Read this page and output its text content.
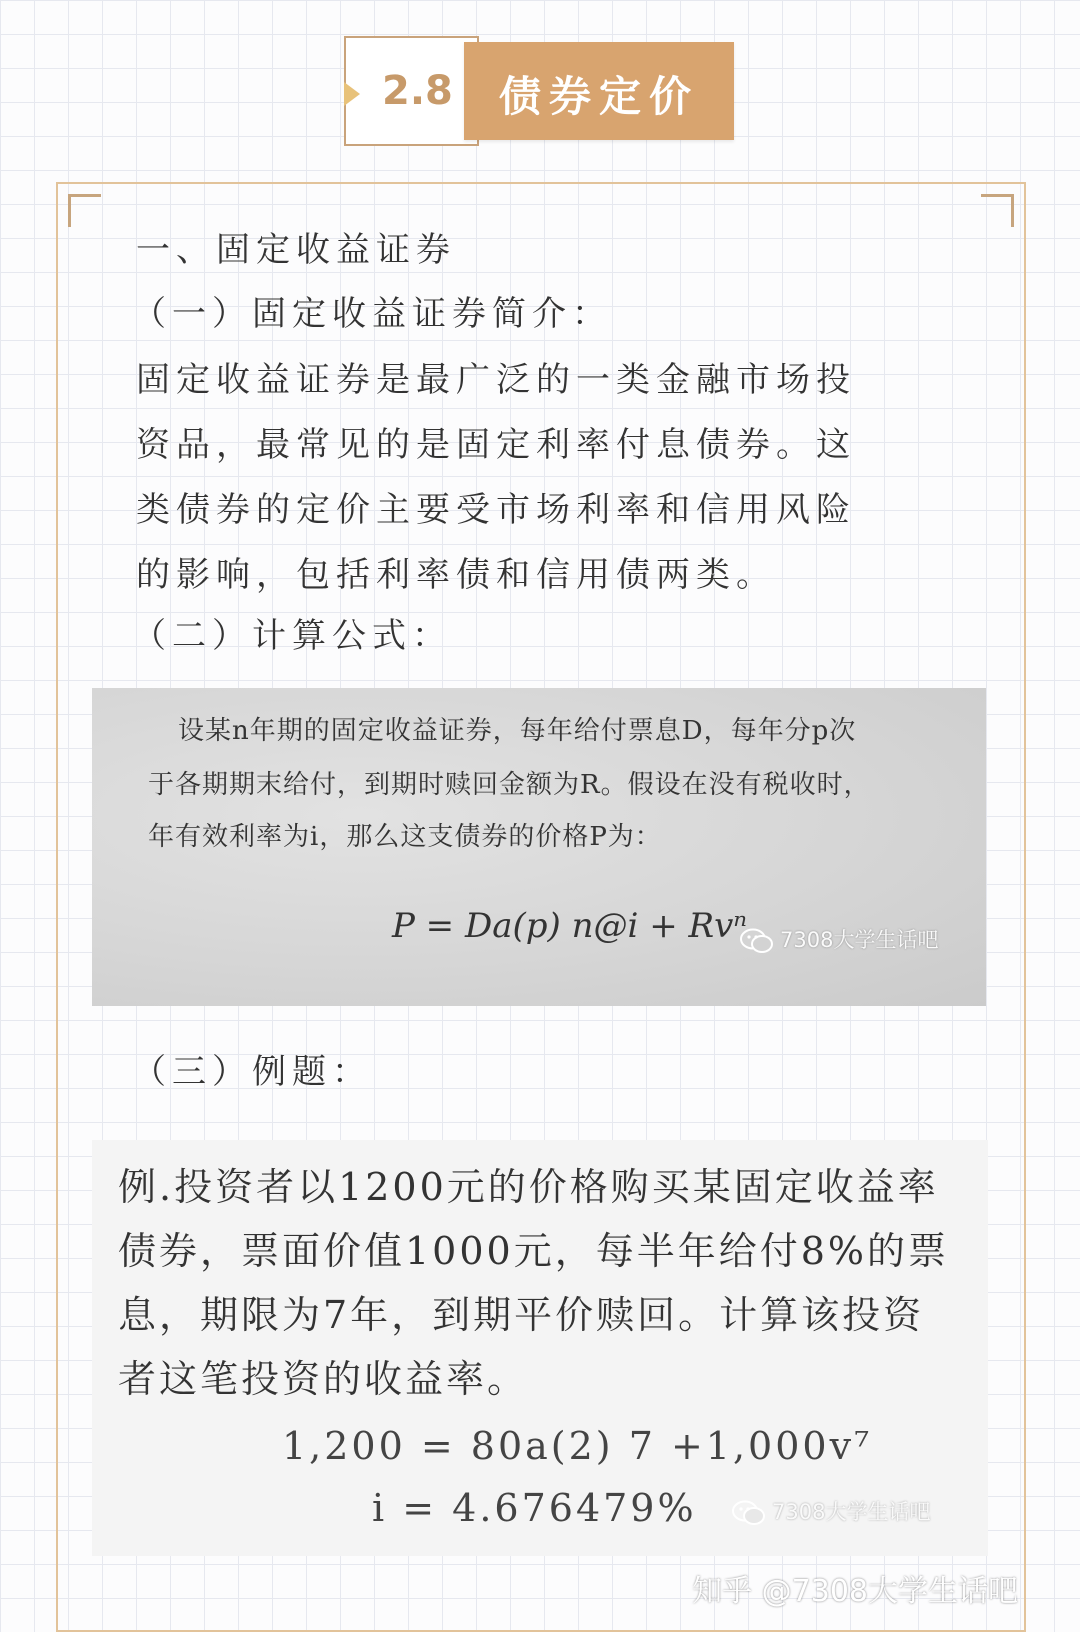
2.8	债券定价
一、固定收益证券
（一）固定收益证券简介：
固定收益证券是最广泛的一类金融市场投
资品，最常见的是固定利率付息债券。这
类债券的定价主要受市场利率和信用风险
的影响，包括利率债和信用债两类。
（二）计算公式：
设某n年期的固定收益证券，每年给付票息D，每年分p次
于各期期末给付，到期时赎回金额为R。假设在没有税收时，
年有效利率为i，那么这支债券的价格P为：
P = Da(p) n@i + Rvⁿ	7308大学生话吧
（三）例题：
例.投资者以1200元的价格购买某固定收益率
债券，票面价值1000元，每半年给付8%的票
息，期限为7年，到期平价赎回。计算该投资
者这笔投资的收益率。
1,200 = 80a(2) 7 +1,000v⁷
i = 4.676479%	7308大学生话吧
知乎 @7308大学生话吧
